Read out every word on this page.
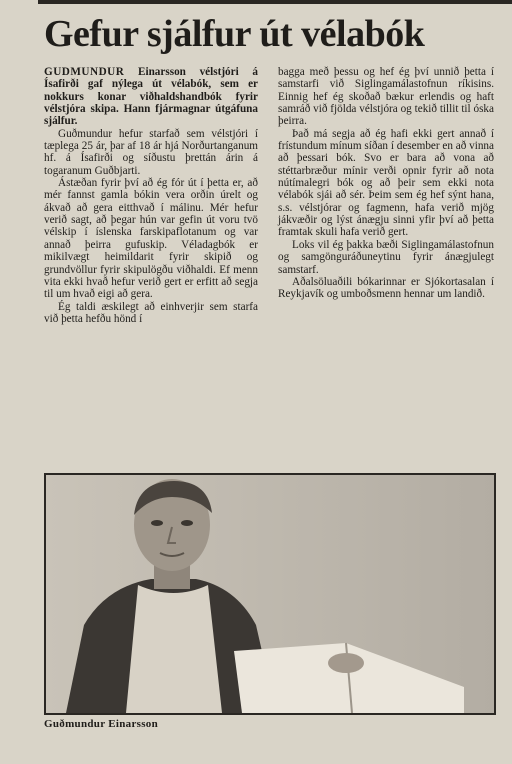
Gefur sjálfur út vélabók

GUDMUNDUR Einarsson vélstjóri á Ísafirði gaf nýlega út vélabók, sem er nokkurs konar viðhaldshandbók fyrir vélstjóra skipa. Hann fjármagnar útgáfuna sjálfur.

Guðmundur hefur starfað sem vélstjóri í tæplega 25 ár, þar af 18 ár hjá Norðurtanganum hf. á Ísafirði og síðustu þrettán árin á togaranum Guðbjarti.

Ástæðan fyrir því að ég fór út í þetta er, að mér fannst gamla bókin vera orðin úrelt og ákvað að gera eitthvað í málinu. Mér hefur verið sagt, að þegar hún var gefin út voru tvö vélskip í íslenska farskipaflotanum og var annað þeirra gufuskip. Véladagbók er mikilvægt heimildarit fyrir skipið og grundvöllur fyrir skipulögðu viðhaldi. Ef menn vita ekki hvað hefur verið gert er erfitt að segja til um hvað eigi að gera.

Ég taldi æskilegt að einhverjir sem starfa við þetta hefðu hönd í

bagga með þessu og hef ég því unnið þetta í samstarfi við Siglingamálastofnun ríkisins. Einnig hef ég skoðað bækur erlendis og haft samráð við fjölda vélstjóra og tekið tillit til óska þeirra.

Það má segja að ég hafi ekki gert annað í frístundum mínum síðan í desember en að vinna að þessari bók. Svo er bara að vona að stéttarbræður mínir verði opnir fyrir að nota nútímalegri bók og að þeir sem ekki nota vélabók sjái að sér. Þeim sem ég hef sýnt hana, s.s. vélstjórar og fagmenn, hafa verið mjög jákvæðir og lýst ánægju sinni yfir því að þetta framtak skuli hafa verið gert.

Loks vil ég þakka bæði Siglingamálastofnun og samgönguráðuneytinu fyrir ánægjulegt samstarf.

Aðalsöluaðili bókarinnar er Sjókortasalan í Reykjavík og umboðsmenn hennar um landið.

Guðmundur Einarsson
